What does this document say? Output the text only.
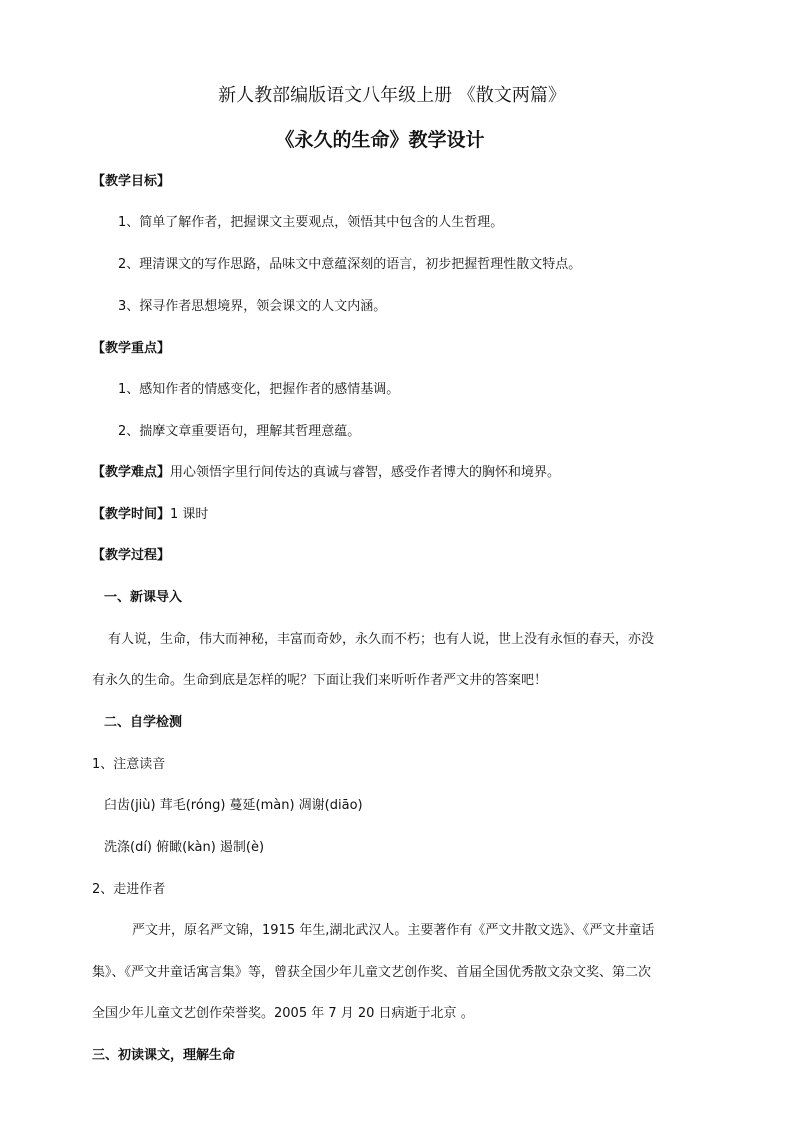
新人教部编版语文八年级上册 《散文两篇》
《永久的生命》教学设计
【教学目标】
1、简单了解作者，把握课文主要观点，领悟其中包含的人生哲理。
2、理清课文的写作思路，品味文中意蕴深刻的语言，初步把握哲理性散文特点。
3、探寻作者思想境界，领会课文的人文内涵。
【教学重点】
1、感知作者的情感变化，把握作者的感情基调。
2、揣摩文章重要语句，理解其哲理意蕴。
【教学难点】用心领悟字里行间传达的真诚与睿智，感受作者博大的胸怀和境界。
【教学时间】1 课时
【教学过程】
一、新课导入
有人说，生命，伟大而神秘，丰富而奇妙，永久而不朽；也有人说，世上没有永恒的春天，亦没
有永久的生命。生命到底是怎样的呢？下面让我们来听听作者严文井的答案吧！
二、自学检测
1、注意读音
臼齿(jiù) 茸毛(róng) 蔓延(màn) 凋谢(diāo)
洗涤(dí) 俯瞰(kàn) 遏制(è)
2、走进作者
严文井，原名严文锦，1915 年生,湖北武汉人。主要著作有《严文井散文选》、《严文井童话
集》、《严文井童话寓言集》等，曾获全国少年儿童文艺创作奖、首届全国优秀散文杂文奖、第二次
全国少年儿童文艺创作荣誉奖。2005 年 7 月 20 日病逝于北京 。
三、初读课文，理解生命
